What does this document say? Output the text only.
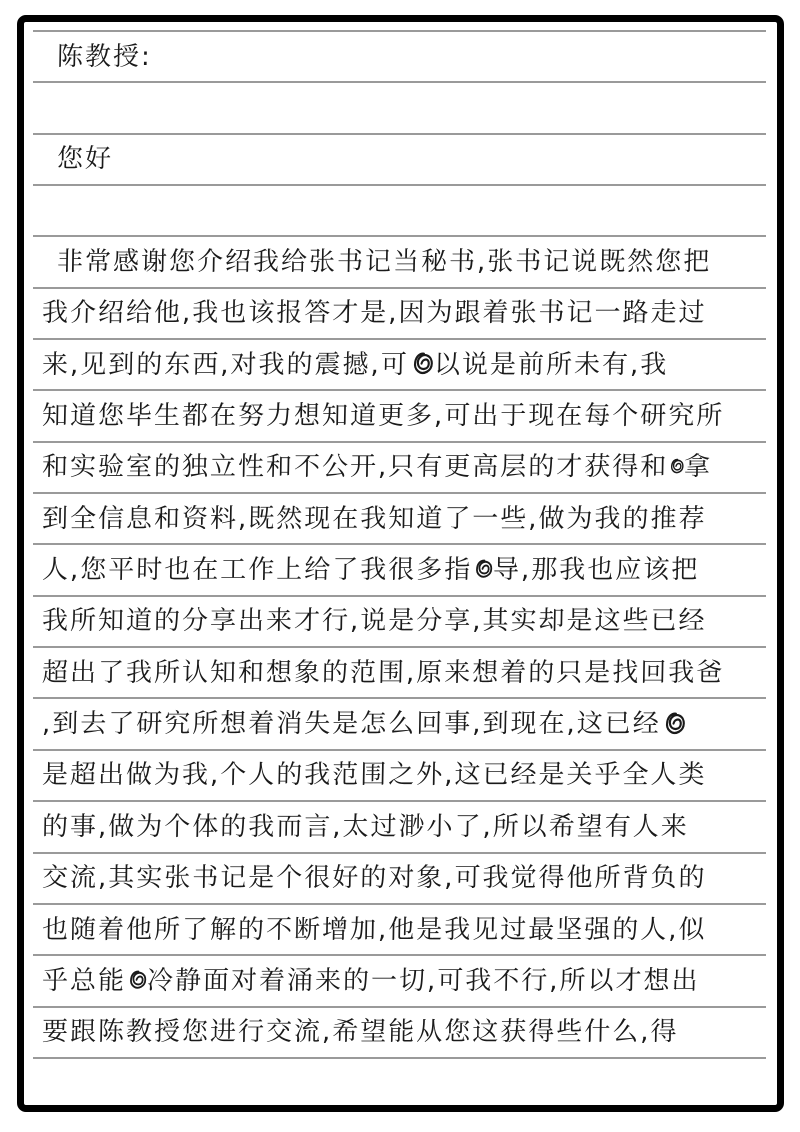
陈教授:
您好
非常感谢您介绍我给张书记当秘书,张书记说既然您把
我介绍给他,我也该报答才是,因为跟着张书记一路走过
来,见到的东西,对我的震撼,可 以说是前所未有,我
知道您毕生都在努力想知道更多,可出于现在每个研究所
和实验室的独立性和不公开,只有更高层的才获得和 拿
到全信息和资料,既然现在我知道了一些,做为我的推荐
人,您平时也在工作上给了我很多指 导,那我也应该把
我所知道的分享出来才行,说是分享,其实却是这些已经
超出了我所认知和想象的范围,原来想着的只是找回我爸
,到去了研究所想着消失是怎么回事,到现在,这已经
是超出做为我,个人的我范围之外,这已经是关乎全人类
的事,做为个体的我而言,太过渺小了,所以希望有人来
交流,其实张书记是个很好的对象,可我觉得他所背负的
也随着他所了解的不断增加,他是我见过最坚强的人,似
乎总能 冷静面对着涌来的一切,可我不行,所以才想出
要跟陈教授您进行交流,希望能从您这获得些什么,得
